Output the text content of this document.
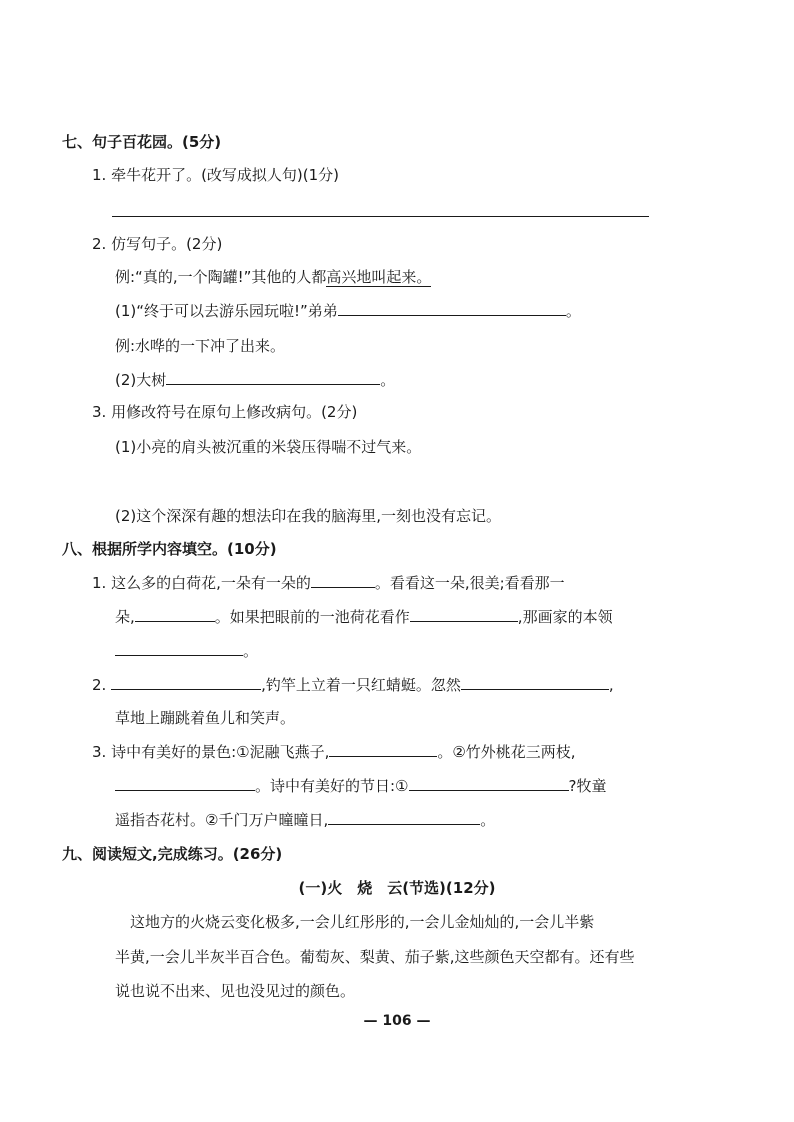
七、句子百花园。(5分)
1. 牵牛花开了。(改写成拟人句)(1分)
2. 仿写句子。(2分)
例:“真的,一个陶罐!”其他的人都高兴地叫起来。
(1)“终于可以去游乐园玩啦!”弟弟	。
例:水哗的一下冲了出来。
(2)大树	。
3. 用修改符号在原句上修改病句。(2分)
(1)小亮的肩头被沉重的米袋压得喘不过气来。
(2)这个深深有趣的想法印在我的脑海里,一刻也没有忘记。
八、根据所学内容填空。(10分)
1. 这么多的白荷花,一朵有一朵的	。看看这一朵,很美;看看那一
朵,	。如果把眼前的一池荷花看作	,那画家的本领
。
2.	,钓竿上立着一只红蜻蜓。忽然	,
草地上蹦跳着鱼儿和笑声。
3. 诗中有美好的景色:①泥融飞燕子,	。②竹外桃花三两枝,
。诗中有美好的节日:①	?牧童
遥指杏花村。②千门万户曈曈日,	。
九、阅读短文,完成练习。(26分)
(一)火　烧　云(节选)(12分)
这地方的火烧云变化极多,一会儿红彤彤的,一会儿金灿灿的,一会儿半紫
半黄,一会儿半灰半百合色。葡萄灰、梨黄、茄子紫,这些颜色天空都有。还有些
说也说不出来、见也没见过的颜色。
— 106 —
